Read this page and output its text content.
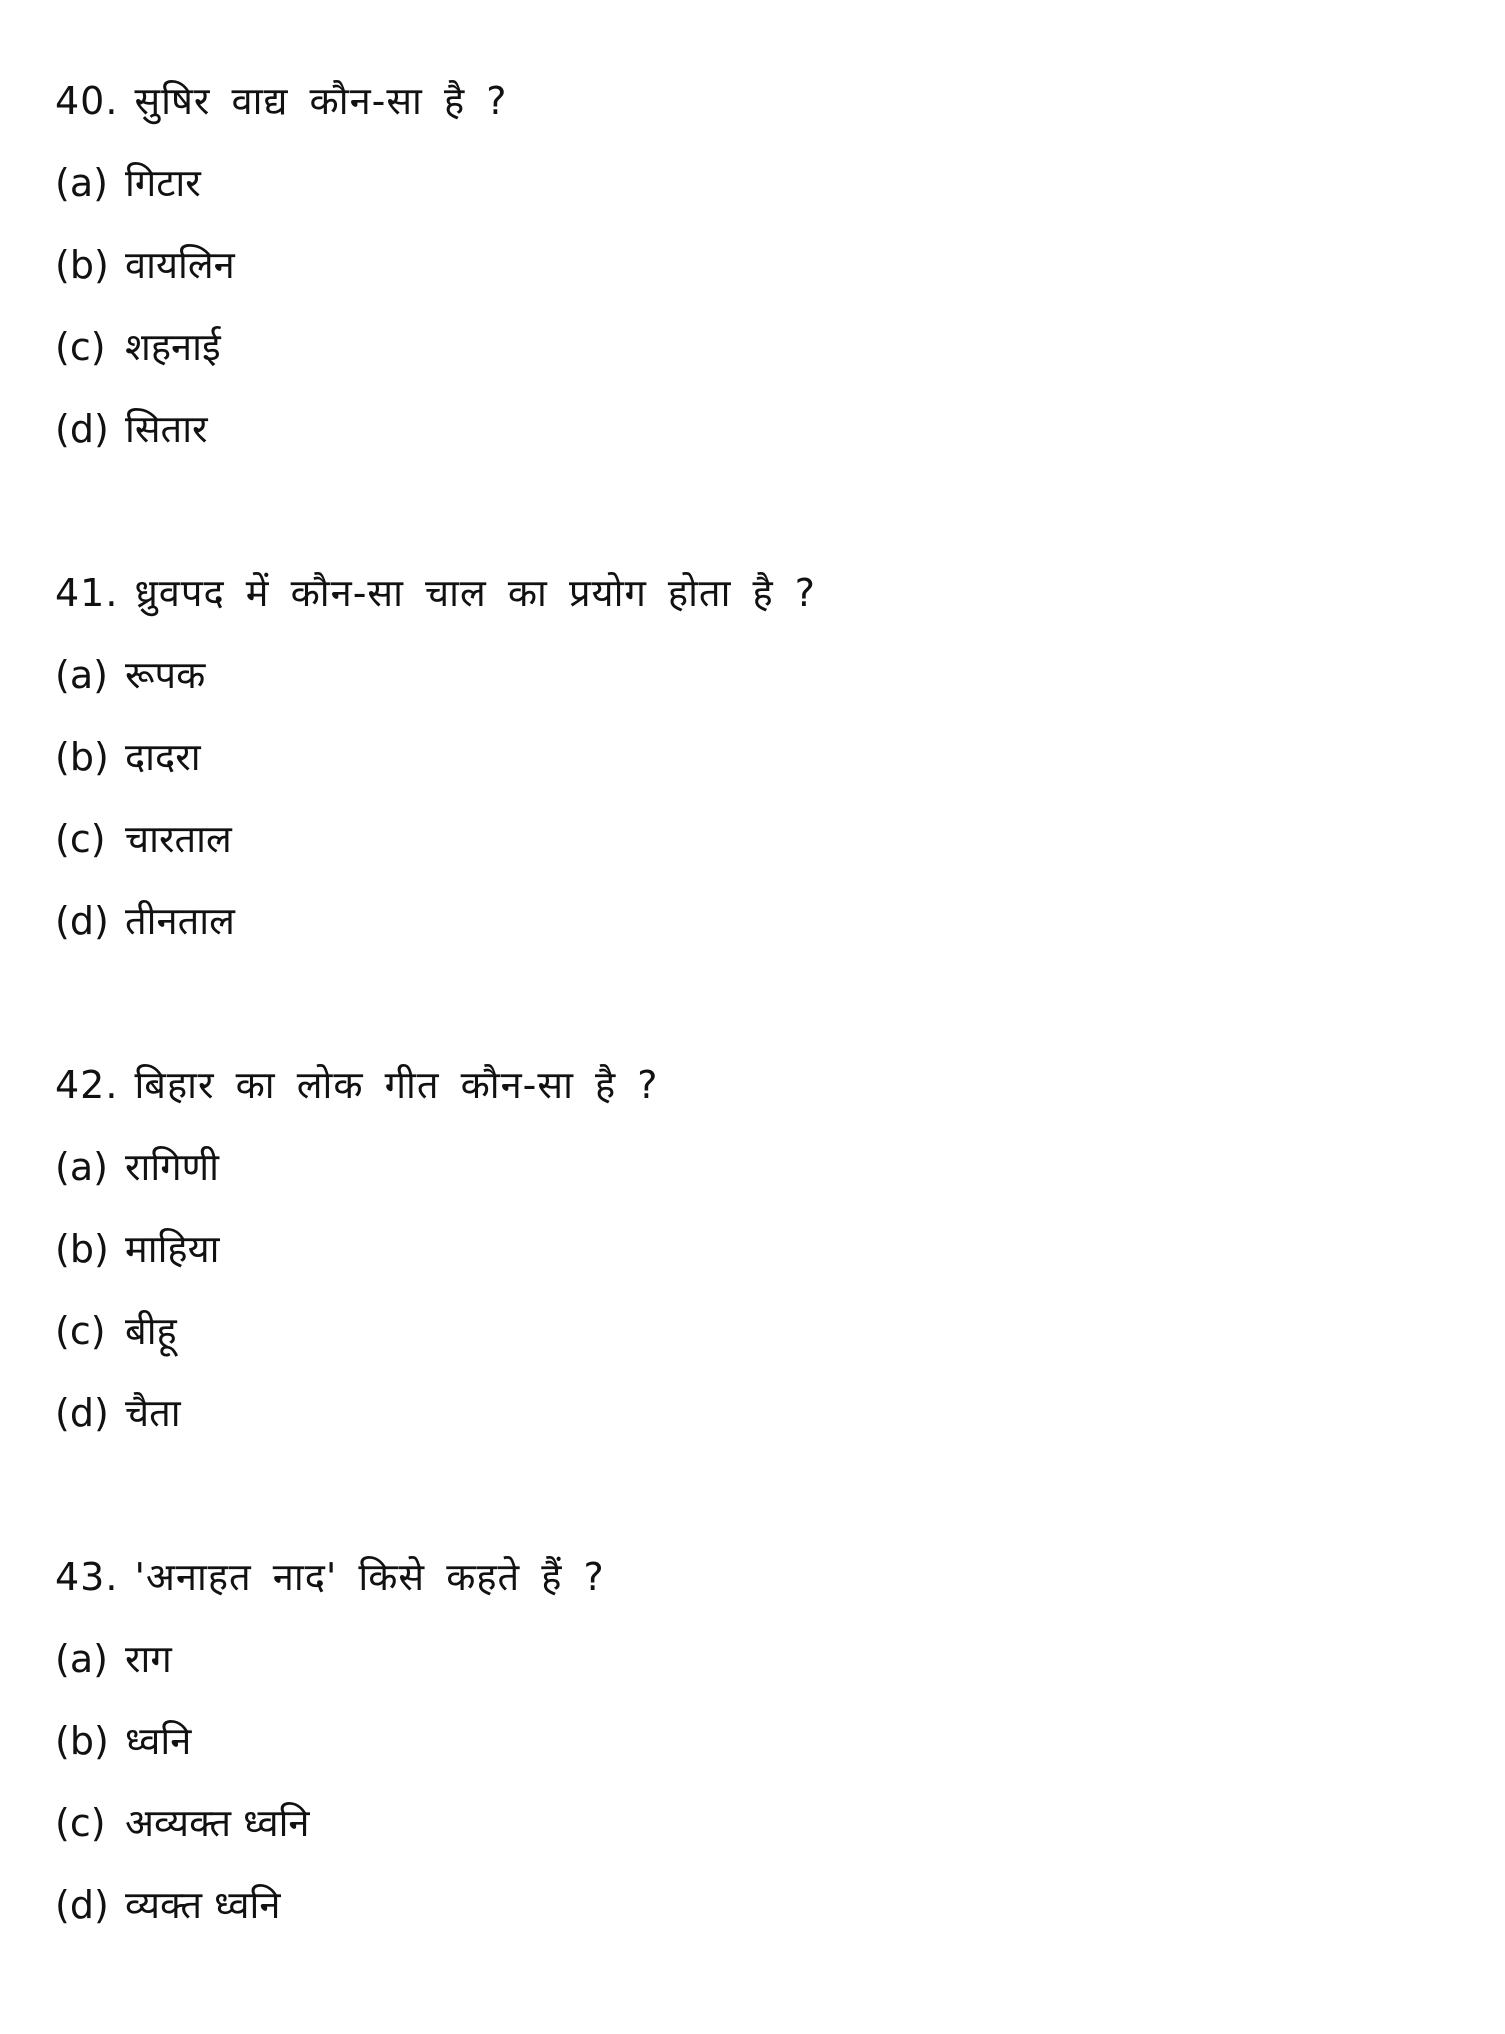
40. सुषिर वाद्य कौन-सा है ?
(a) गिटार
(b) वायलिन
(c) शहनाई
(d) सितार
41. ध्रुवपद में कौन-सा चाल का प्रयोग होता है ?
(a) रूपक
(b) दादरा
(c) चारताल
(d) तीनताल
42. बिहार का लोक गीत कौन-सा है ?
(a) रागिणी
(b) माहिया
(c) बीहू
(d) चैता
43. 'अनाहत नाद' किसे कहते हैं ?
(a) राग
(b) ध्वनि
(c) अव्यक्त ध्वनि
(d) व्यक्त ध्वनि
